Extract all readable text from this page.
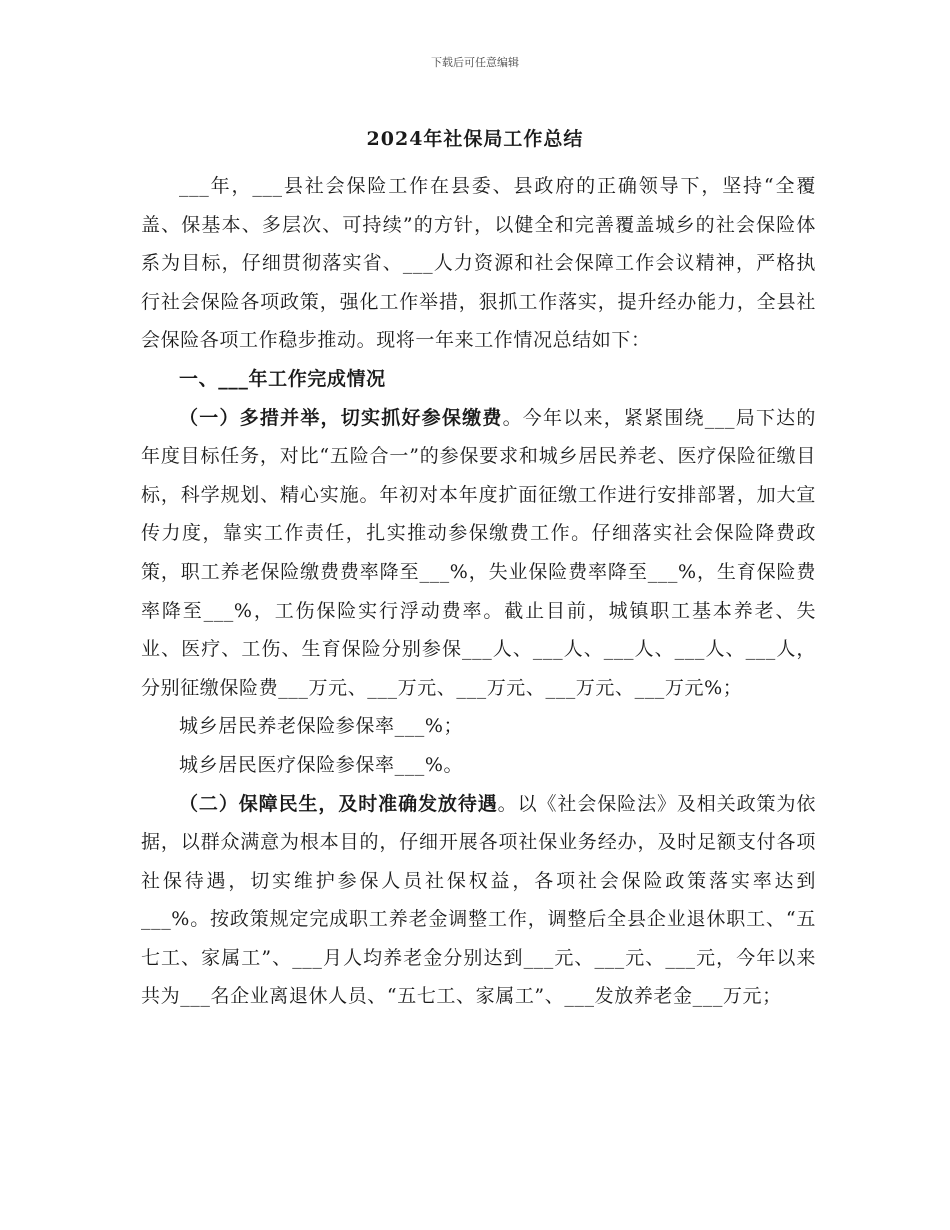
下载后可任意编辑
2024年社保局工作总结

___年，___县社会保险工作在县委、县政府的正确领导下，坚持“全覆盖、保基本、多层次、可持续”的方针，以健全和完善覆盖城乡的社会保险体系为目标，仔细贯彻落实省、___人力资源和社会保障工作会议精神，严格执行社会保险各项政策，强化工作举措，狠抓工作落实，提升经办能力，全县社会保险各项工作稳步推动。现将一年来工作情况总结如下：

一、___年工作完成情况

（一）多措并举，切实抓好参保缴费。今年以来，紧紧围绕___局下达的年度目标任务，对比“五险合一”的参保要求和城乡居民养老、医疗保险征缴目标，科学规划、精心实施。年初对本年度扩面征缴工作进行安排部署，加大宣传力度，靠实工作责任，扎实推动参保缴费工作。仔细落实社会保险降费政策，职工养老保险缴费费率降至___%，失业保险费率降至___%，生育保险费率降至___%，工伤保险实行浮动费率。截止目前，城镇职工基本养老、失业、医疗、工伤、生育保险分别参保___人、___人、___人、___人、___人，分别征缴保险费___万元、___万元、___万元、___万元、___万元%；

城乡居民养老保险参保率___%；

城乡居民医疗保险参保率___%。

（二）保障民生，及时准确发放待遇。以《社会保险法》及相关政策为依据，以群众满意为根本目的，仔细开展各项社保业务经办，及时足额支付各项社保待遇，切实维护参保人员社保权益，各项社会保险政策落实率达到___%。按政策规定完成职工养老金调整工作，调整后全县企业退休职工、“五七工、家属工”、___月人均养老金分别达到___元、___元、___元，今年以来共为___名企业离退休人员、“五七工、家属工”、___发放养老金___万元；
